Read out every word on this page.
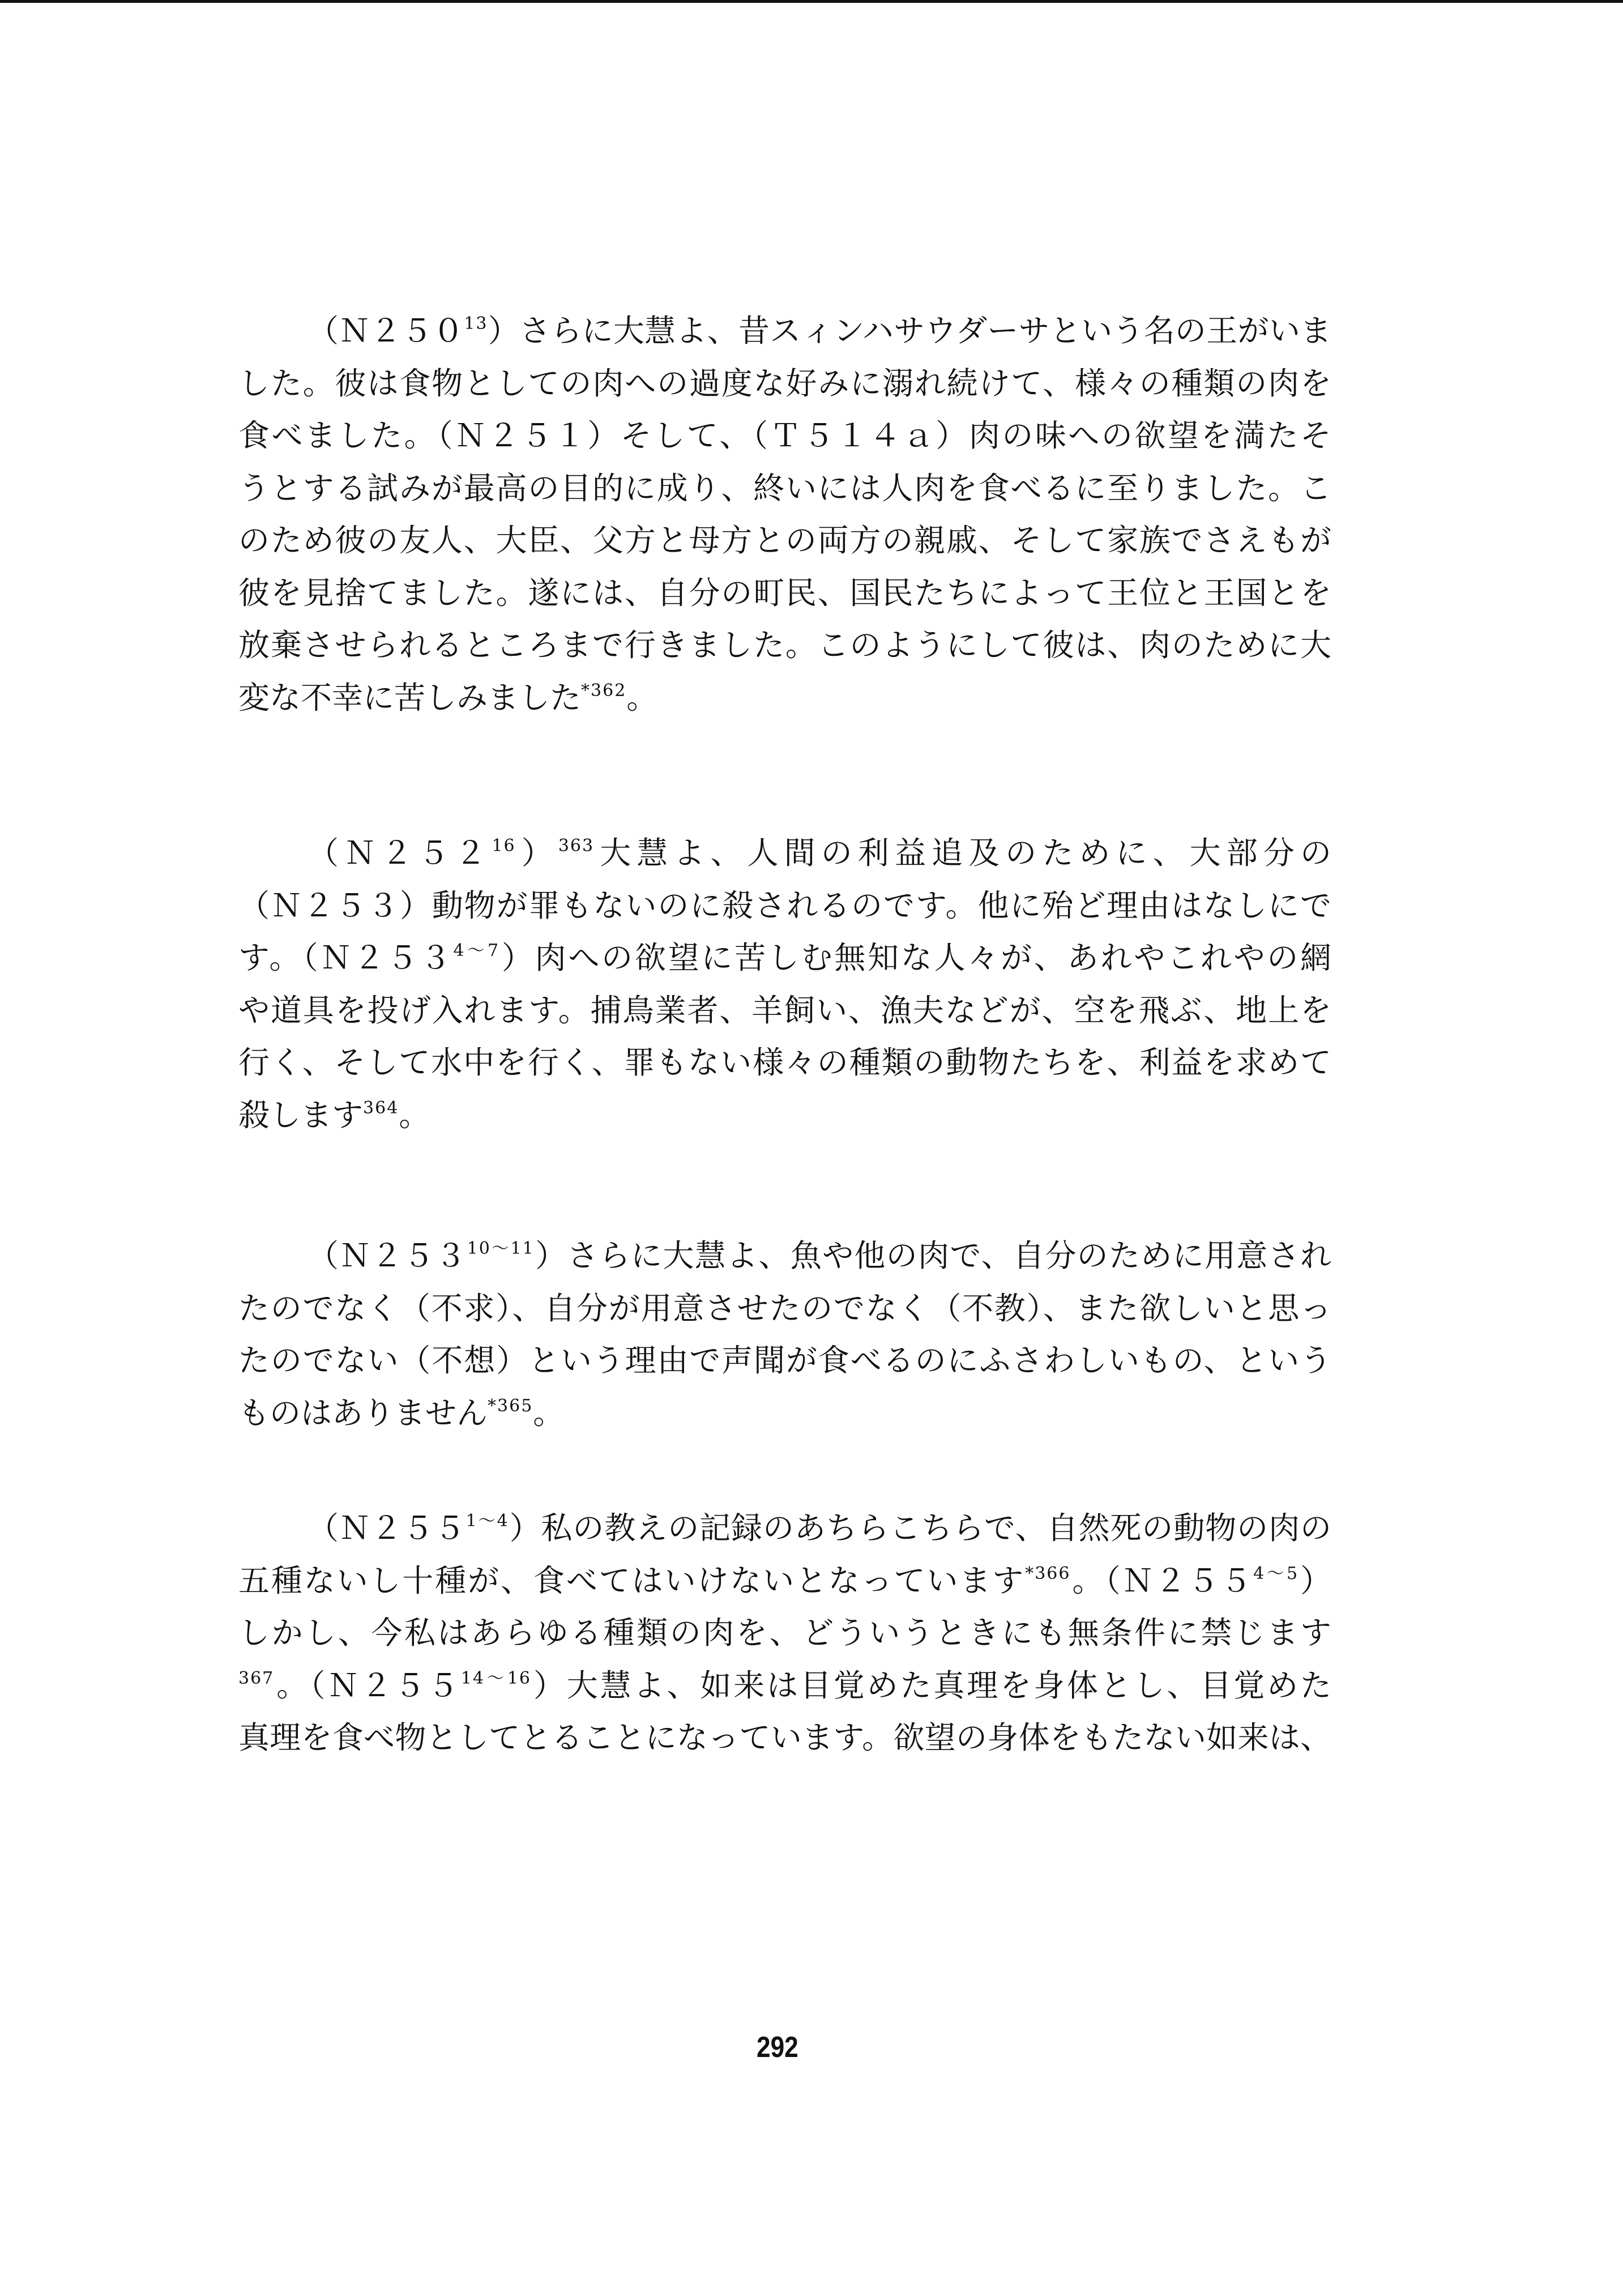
$(N250^{13})$さらに大慧よ、昔スィンハサウダーサという名の王がいま
した。彼は食物としての肉への過度な好みに溺れ続けて、様々の種類の肉を
食べました。（Ｎ２５１）そして、（Ｔ５１４ａ）肉の味への欲望を満たそ
うとする試みが最高の目的に成り、終いには人肉を食べるに至りました。こ
のため彼の友人、大臣、父方と母方との両方の親戚、そして家族でさえもが
彼を見捨てました。遂には、自分の町民、国民たちによって王位と王国とを
放棄させられるところまで行きました。このようにして彼は、肉のために大
変な不幸に苦しみました$^{*362}$。
$(N252^{16})^{363}$大慧よ、人間の利益追及のために、大部分の
（Ｎ２５３）動物が罪もないのに殺されるのです。他に殆ど理由はなしにで
す。$(N253^{4〜7})$肉への欲望に苦しむ無知な人々が、あれやこれやの網
や道具を投げ入れます。捕鳥業者、羊飼い、漁夫などが、空を飛ぶ、地上を
行く、そして水中を行く、罪もない様々の種類の動物たちを、利益を求めて
殺します$^{364}$。
$(N253^{10〜11})$さらに大慧よ、魚や他の肉で、自分のために用意され
たのでなく（不求）、自分が用意させたのでなく（不教）、また欲しいと思っ
たのでない（不想）という理由で声聞が食べるのにふさわしいもの、という
ものはありません$^{*365}$。
$(N255^{1〜4})$私の教えの記録のあちらこちらで、自然死の動物の肉の
五種ないし十種が、食べてはいけないとなっています$^{*366}$。$(N255^{4〜5})$
しかし、今私はあらゆる種類の肉を、どういうときにも無条件に禁じます
$^{367}$。$(N255^{14〜16})$大慧よ、如来は目覚めた真理を身体とし、目覚めた
真理を食べ物としてとることになっています。欲望の身体をもたない如来は、
292
